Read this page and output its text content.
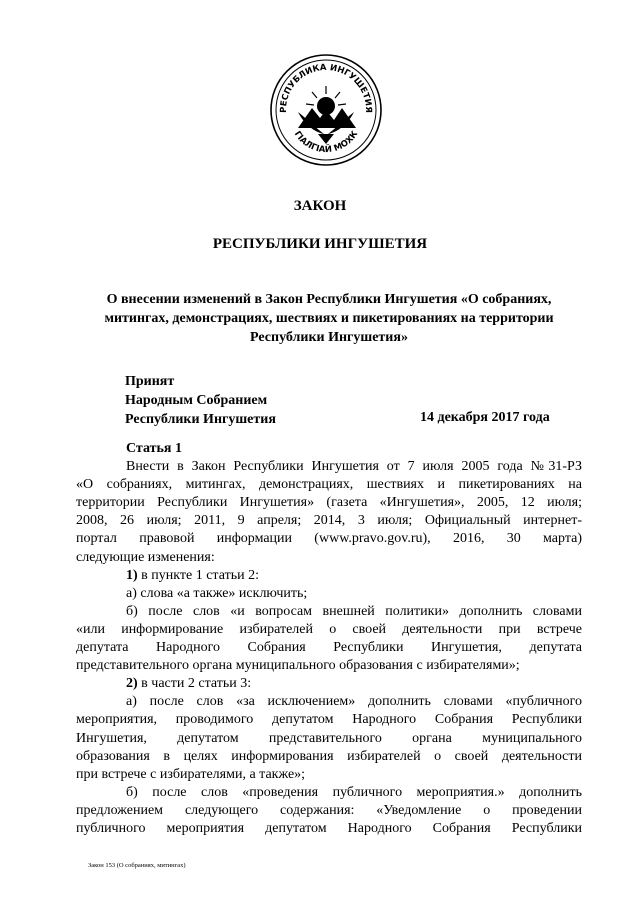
РЕСПУБЛИКА ИНГУШЕТИЯ
ГІАЛГІАЙ МОХК
ЗАКОН
РЕСПУБЛИКИ ИНГУШЕТИЯ
О внесении изменений в Закон Республики Ингушетия «О собраниях,
митингах, демонстрациях, шествиях и пикетированиях на территории
Республики Ингушетия»
Принят
Народным Собранием
Республики Ингушетия	14 декабря 2017 года
Статья 1
Внести в Закон Республики Ингушетия от 7 июля 2005 года №31-РЗ
«О собраниях, митингах, демонстрациях, шествиях и пикетированиях на
территории Республики Ингушетия» (газета «Ингушетия», 2005, 12 июля;
2008, 26 июля; 2011, 9 апреля; 2014, 3 июля; Официальный интернет-
портал правовой информации (www.pravo.gov.ru), 2016, 30 марта)
следующие изменения:
1) в пункте 1 статьи 2:
а) слова «а также» исключить;
б) после слов «и вопросам внешней политики» дополнить словами
«или информирование избирателей о своей деятельности при встрече
депутата Народного Собрания Республики Ингушетия, депутата
представительного органа муниципального образования с избирателями»;
2) в части 2 статьи 3:
а) после слов «за исключением» дополнить словами «публичного
мероприятия, проводимого депутатом Народного Собрания Республики
Ингушетия, депутатом представительного органа муниципального
образования в целях информирования избирателей о своей деятельности
при встрече с избирателями, а также»;
б) после слов «проведения публичного мероприятия.» дополнить
предложением следующего содержания: «Уведомление о проведении
публичного мероприятия депутатом Народного Собрания Республики
Закон 153 (О собраниях, митингах)
